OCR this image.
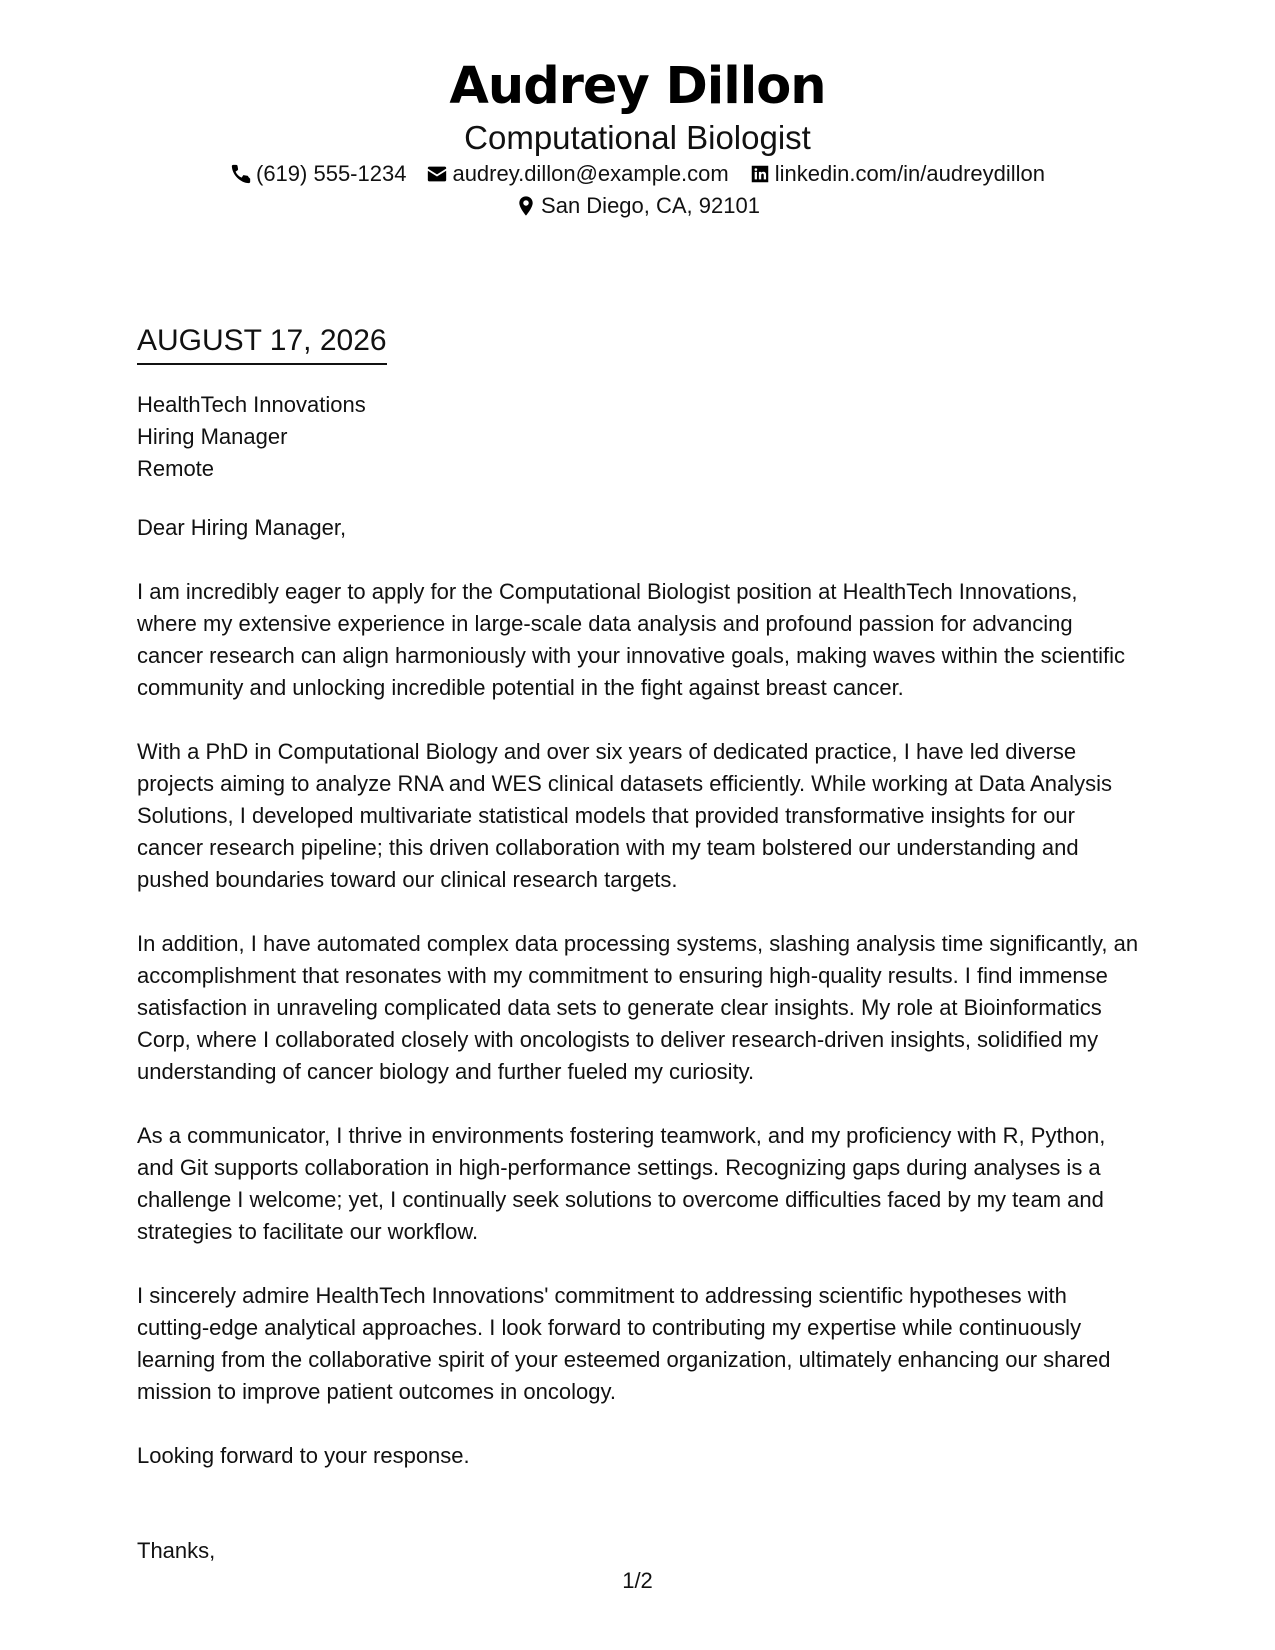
Audrey Dillon
Computational Biologist
(619) 555-1234 audrey.dillon@example.com linkedin.com/in/audreydillon
San Diego, CA, 92101
AUGUST 17, 2026
HealthTech Innovations
Hiring Manager
Remote
Dear Hiring Manager,

I am incredibly eager to apply for the Computational Biologist position at HealthTech Innovations, where my extensive experience in large-scale data analysis and profound passion for advancing cancer research can align harmoniously with your innovative goals, making waves within the scientific community and unlocking incredible potential in the fight against breast cancer.

With a PhD in Computational Biology and over six years of dedicated practice, I have led diverse projects aiming to analyze RNA and WES clinical datasets efficiently. While working at Data Analysis Solutions, I developed multivariate statistical models that provided transformative insights for our cancer research pipeline; this driven collaboration with my team bolstered our understanding and pushed boundaries toward our clinical research targets.

In addition, I have automated complex data processing systems, slashing analysis time significantly, an accomplishment that resonates with my commitment to ensuring high-quality results. I find immense satisfaction in unraveling complicated data sets to generate clear insights. My role at Bioinformatics Corp, where I collaborated closely with oncologists to deliver research-driven insights, solidified my understanding of cancer biology and further fueled my curiosity.

As a communicator, I thrive in environments fostering teamwork, and my proficiency with R, Python, and Git supports collaboration in high-performance settings. Recognizing gaps during analyses is a challenge I welcome; yet, I continually seek solutions to overcome difficulties faced by my team and strategies to facilitate our workflow.

I sincerely admire HealthTech Innovations' commitment to addressing scientific hypotheses with cutting-edge analytical approaches. I look forward to contributing my expertise while continuously learning from the collaborative spirit of your esteemed organization, ultimately enhancing our shared mission to improve patient outcomes in oncology.

Looking forward to your response.
Thanks,
1/2
